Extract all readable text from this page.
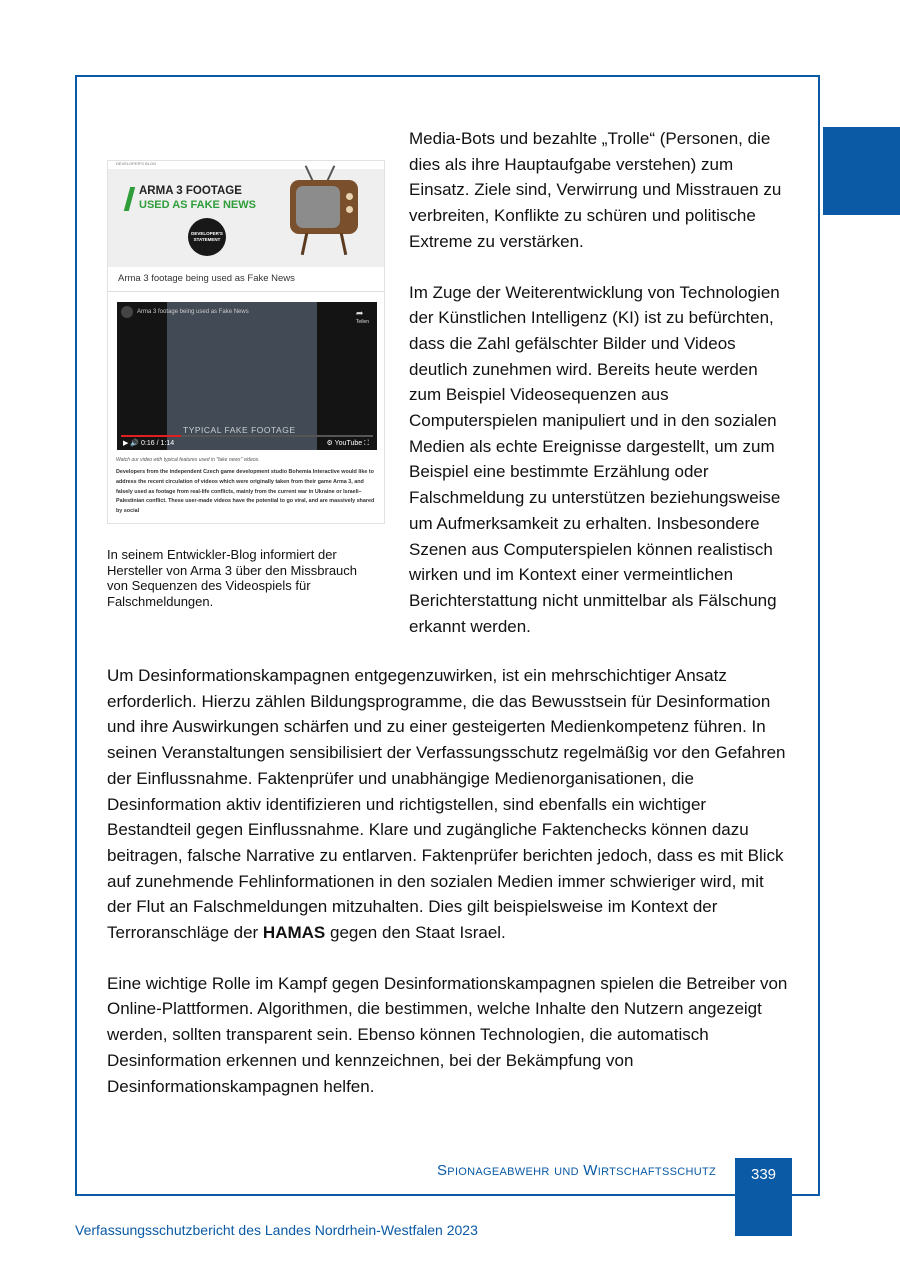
DEVELOPER'S BLOG
ARMA 3 FOOTAGE
USED AS FAKE NEWS
DEVELOPER'S STATEMENT
Arma 3 footage being used as Fake News
Arma 3 footage being used as Fake News	➦
Teilen
TYPICAL FAKE FOOTAGE
▶ 🔊 0:16 / 1:14	⚙ YouTube ⛶
Watch our video with typical features used in "fake news" videos.
Developers from the independent Czech game development studio Bohemia Interactive would like to address the recent circulation of videos which were originally taken from their game Arma 3, and falsely used as footage from real-life conflicts, mainly from the current war in Ukraine or Israeli–Palestinian conflict. These user-made videos have the potential to go viral, and are massively shared by social
In seinem Entwickler-Blog informiert der Hersteller von Arma 3 über den Missbrauch von Sequenzen des Videospiels für Falschmeldungen.

Media-Bots und bezahlte „Trolle“ (Personen, die dies als ihre Hauptaufgabe verstehen) zum Einsatz. Ziele sind, Verwirrung und Misstrauen zu verbreiten, Konflikte zu schüren und politische Extreme zu verstärken.

Im Zuge der Weiterentwicklung von Technologien der Künstlichen Intelligenz (KI) ist zu befürchten, dass die Zahl gefälschter Bilder und Videos deutlich zunehmen wird. Bereits heute werden zum Beispiel Videosequenzen aus Computerspielen manipuliert und in den sozialen Medien als echte Ereignisse dargestellt, um zum Beispiel eine bestimmte Erzählung oder Falschmeldung zu unterstützen beziehungsweise um Aufmerksamkeit zu erhalten. Insbesondere Szenen aus Computerspielen können realistisch wirken und im Kontext einer vermeintlichen Berichterstattung nicht unmittelbar als Fälschung erkannt werden.

Um Desinformationskampagnen entgegenzuwirken, ist ein mehrschichtiger Ansatz erforderlich. Hierzu zählen Bildungsprogramme, die das Bewusstsein für Desinformation und ihre Auswirkungen schärfen und zu einer gesteigerten Medienkompetenz führen. In seinen Veranstaltungen sensibilisiert der Verfassungsschutz regelmäßig vor den Gefahren der Einflussnahme. Faktenprüfer und unabhängige Medienorganisationen, die Desinformation aktiv identifizieren und richtigstellen, sind ebenfalls ein wichtiger Bestandteil gegen Einflussnahme. Klare und zugängliche Faktenchecks können dazu beitragen, falsche Narrative zu entlarven. Faktenprüfer berichten jedoch, dass es mit Blick auf zunehmende Fehlinformationen in den sozialen Medien immer schwieriger wird, mit der Flut an Falschmeldungen mitzuhalten. Dies gilt beispielsweise im Kontext der Terroranschläge der HAMAS gegen den Staat Israel.

Eine wichtige Rolle im Kampf gegen Desinformationskampagnen spielen die Betreiber von Online-Plattformen. Algorithmen, die bestimmen, welche Inhalte den Nutzern angezeigt werden, sollten transparent sein. Ebenso können Technologien, die automatisch Desinformation erkennen und kennzeichnen, bei der Bekämpfung von Desinformationskampagnen helfen.

Spionageabwehr und Wirtschaftsschutz	339
Verfassungsschutzbericht des Landes Nordrhein-Westfalen 2023
